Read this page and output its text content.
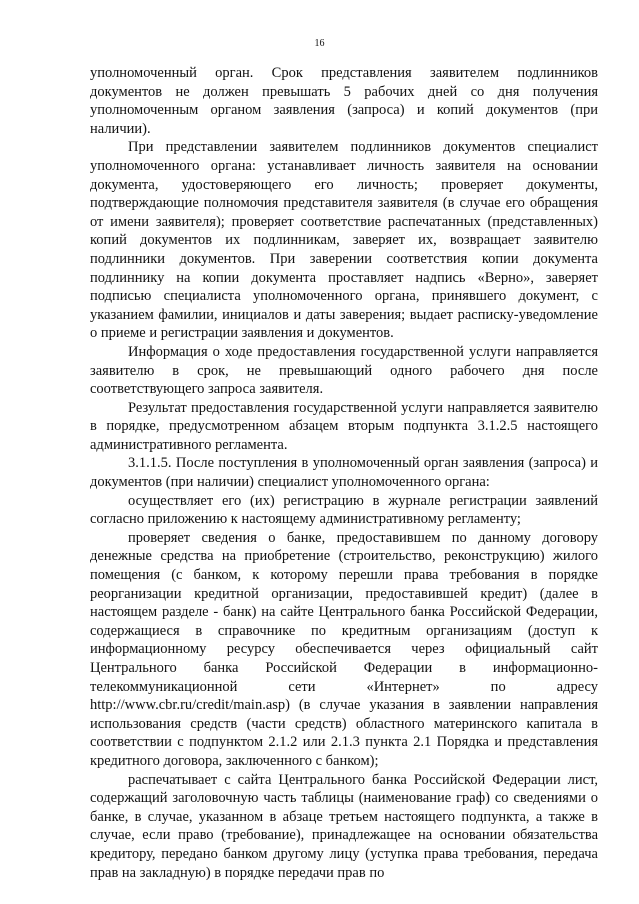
16

уполномоченный орган. Срок представления заявителем подлинников документов не должен превышать 5 рабочих дней со дня получения уполномоченным органом заявления (запроса) и копий документов (при наличии).

При представлении заявителем подлинников документов специалист уполномоченного органа: устанавливает личность заявителя на основании документа, удостоверяющего его личность; проверяет документы, подтверждающие полномочия представителя заявителя (в случае его обращения от имени заявителя); проверяет соответствие распечатанных (представленных) копий документов их подлинникам, заверяет их, возвращает заявителю подлинники документов. При заверении соответствия копии документа подлиннику на копии документа проставляет надпись «Верно», заверяет подписью специалиста уполномоченного органа, принявшего документ, с указанием фамилии, инициалов и даты заверения; выдает расписку-уведомление о приеме и регистрации заявления и документов.

Информация о ходе предоставления государственной услуги направляется заявителю в срок, не превышающий одного рабочего дня после соответствующего запроса заявителя.

Результат предоставления государственной услуги направляется заявителю в порядке, предусмотренном абзацем вторым подпункта 3.1.2.5 настоящего административного регламента.

3.1.1.5. После поступления в уполномоченный орган заявления (запроса) и документов (при наличии) специалист уполномоченного органа:

осуществляет его (их) регистрацию в журнале регистрации заявлений согласно приложению к настоящему административному регламенту;

проверяет сведения о банке, предоставившем по данному договору денежные средства на приобретение (строительство, реконструкцию) жилого помещения (с банком, к которому перешли права требования в порядке реорганизации кредитной организации, предоставившей кредит) (далее в настоящем разделе - банк) на сайте Центрального банка Российской Федерации, содержащиеся в справочнике по кредитным организациям (доступ к информационному ресурсу обеспечивается через официальный сайт Центрального банка Российской Федерации в информационно-телекоммуникационной сети «Интернет» по адресу http://www.cbr.ru/credit/main.asp) (в случае указания в заявлении направления использования средств (части средств) областного материнского капитала в соответствии с подпунктом 2.1.2 или 2.1.3 пункта 2.1 Порядка и представления кредитного договора, заключенного с банком);

распечатывает с сайта Центрального банка Российской Федерации лист, содержащий заголовочную часть таблицы (наименование граф) со сведениями о банке, в случае, указанном в абзаце третьем настоящего подпункта, а также в случае, если право (требование), принадлежащее на основании обязательства кредитору, передано банком другому лицу (уступка права требования, передача прав на закладную) в порядке передачи прав по
